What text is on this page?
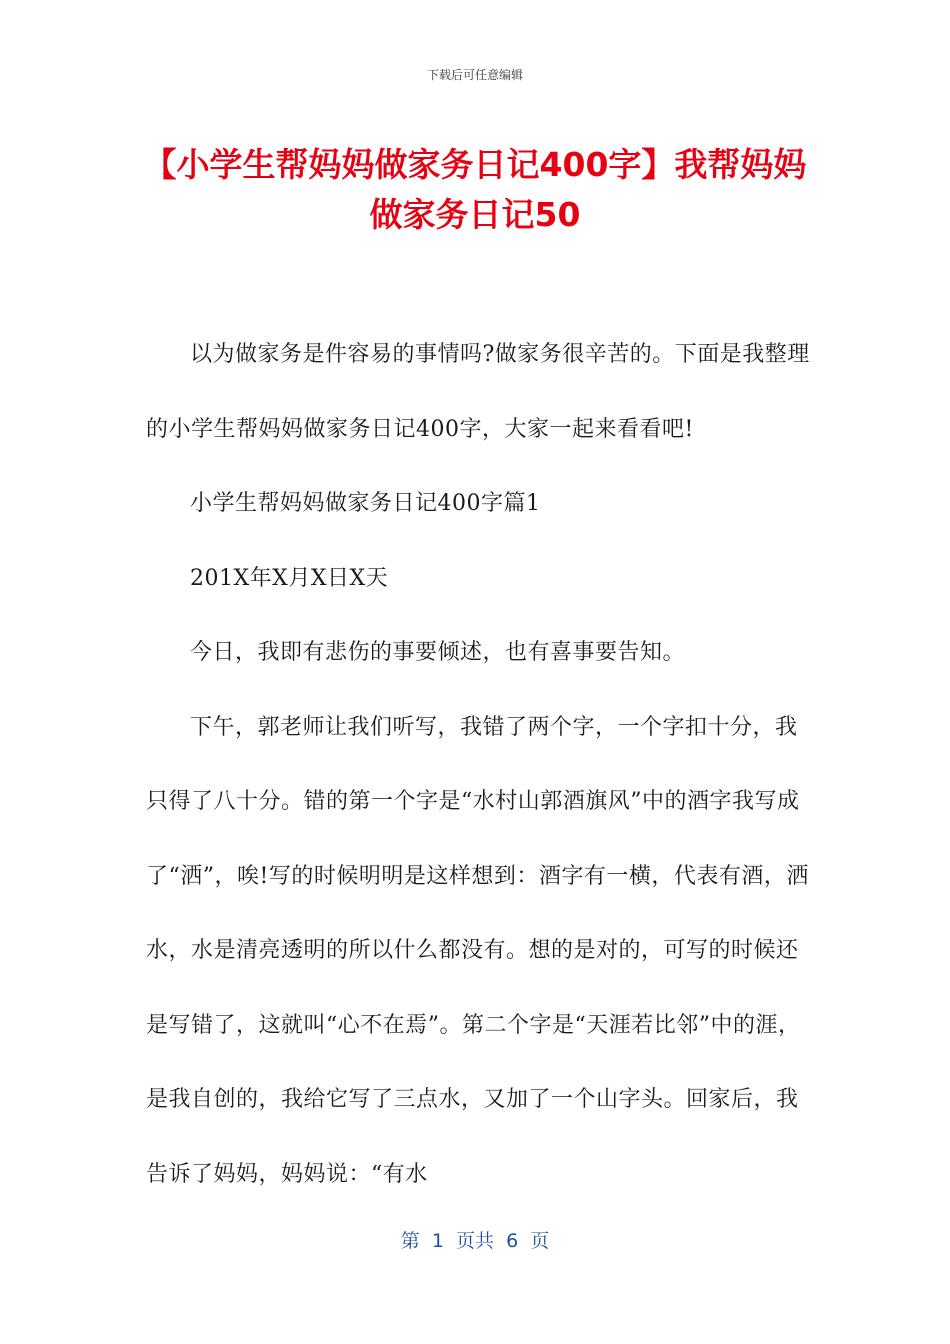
下载后可任意编辑
【小学生帮妈妈做家务日记400字】我帮妈妈做家务日记50

以为做家务是件容易的事情吗?做家务很辛苦的。下面是我整理的小学生帮妈妈做家务日记400字，大家一起来看看吧!

小学生帮妈妈做家务日记400字篇1

201X年X月X日X天

今日，我即有悲伤的事要倾述，也有喜事要告知。

下午，郭老师让我们听写，我错了两个字，一个字扣十分，我只得了八十分。错的第一个字是“水村山郭酒旗风”中的酒字我写成了“洒”，唉!写的时候明明是这样想到：酒字有一横，代表有酒，洒水，水是清亮透明的所以什么都没有。想的是对的，可写的时候还是写错了，这就叫“心不在焉”。第二个字是“天涯若比邻”中的涯，是我自创的，我给它写了三点水，又加了一个山字头。回家后，我告诉了妈妈，妈妈说：“有水

第  1  页共  6  页
